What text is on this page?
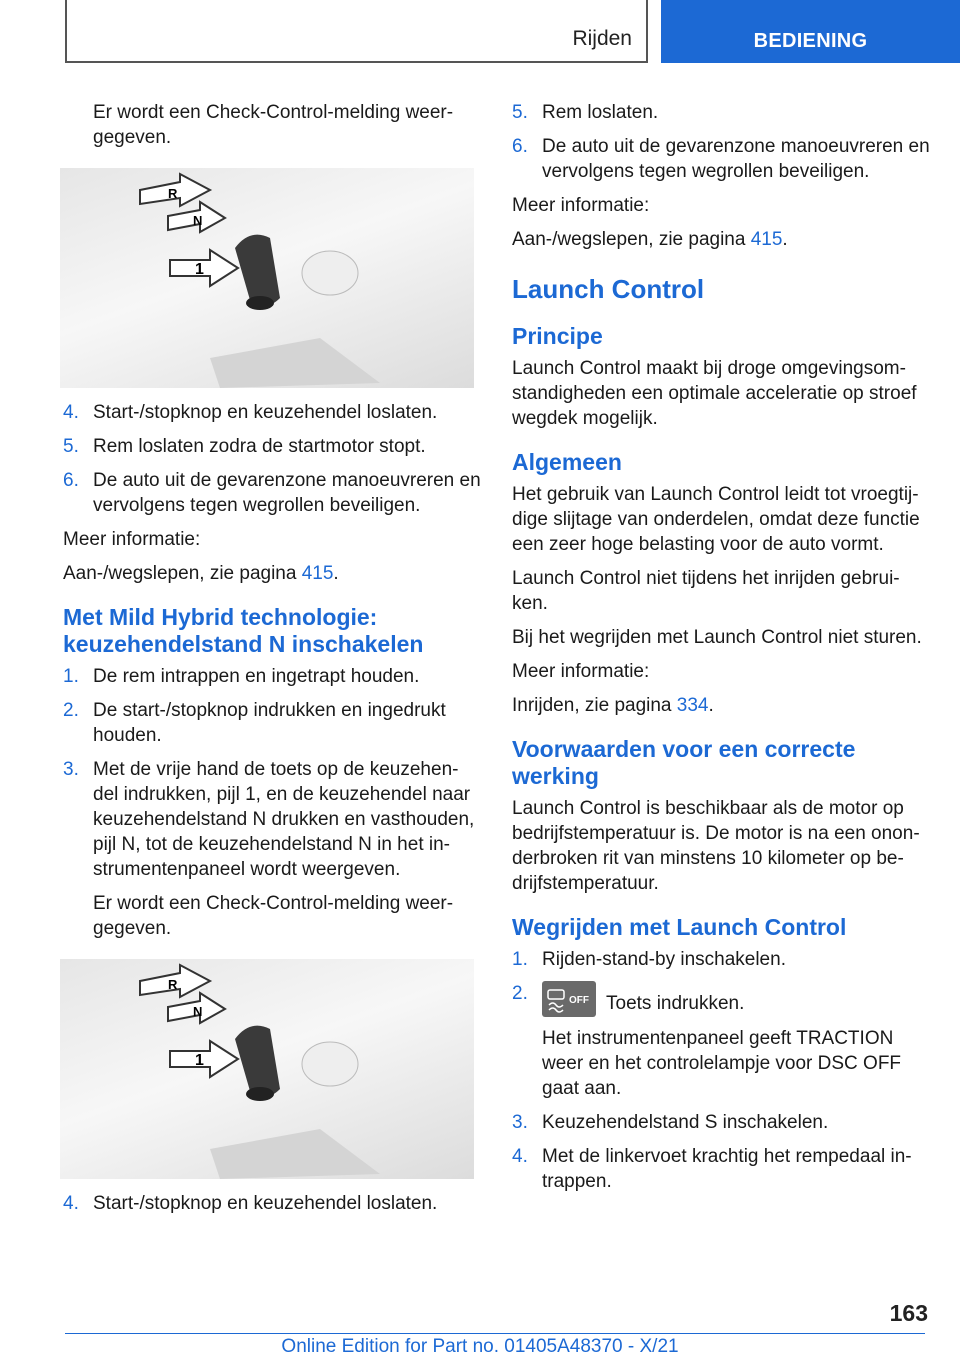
Rijden	BEDIENING

Er wordt een Check-Control-melding weer-gegeven.

R
N
1
4. Start-/stopknop en keuzehendel loslaten.
5. Rem loslaten zodra de startmotor stopt.
6. De auto uit de gevarenzone manoeuvreren en vervolgens tegen wegrollen beveiligen.

Meer informatie:

Aan-/wegslepen, zie pagina 415.

Met Mild Hybrid technologie: keuzehendelstand N inschakelen
1. De rem intrappen en ingetrapt houden.
2. De start-/stopknop indrukken en ingedrukt houden.
3. Met de vrije hand de toets op de keuzehen-del indrukken, pijl 1, en de keuzehendel naar keuzehendelstand N drukken en vasthouden, pijl N, tot de keuzehendelstand N in het in-strumentenpaneel wordt weergeven.

Er wordt een Check-Control-melding weer-gegeven.

R
N
1
4. Start-/stopknop en keuzehendel loslaten.
5. Rem loslaten.
6. De auto uit de gevarenzone manoeuvreren en vervolgens tegen wegrollen beveiligen.

Meer informatie:

Aan-/wegslepen, zie pagina 415.

Launch Control
Principe

Launch Control maakt bij droge omgevingsom-standigheden een optimale acceleratie op stroef wegdek mogelijk.

Algemeen

Het gebruik van Launch Control leidt tot vroegtij-dige slijtage van onderdelen, omdat deze functie een zeer hoge belasting voor de auto vormt.

Launch Control niet tijdens het inrijden gebrui-ken.

Bij het wegrijden met Launch Control niet sturen.

Meer informatie:

Inrijden, zie pagina 334.

Voorwaarden voor een correcte werking

Launch Control is beschikbaar als de motor op bedrijfstemperatuur is. De motor is na een onon-derbroken rit van minstens 10 kilometer op be-drijfstemperatuur.

Wegrijden met Launch Control
1. Rijden-stand-by inschakelen.
2.	OFF Toets indrukken.

Het instrumentenpaneel geeft TRACTION weer en het controlelampje voor DSC OFF gaat aan.

3. Keuzehendelstand S inschakelen.
4. Met de linkervoet krachtig het rempedaal in-trappen.
163
Online Edition for Part no. 01405A48370 - X/21
